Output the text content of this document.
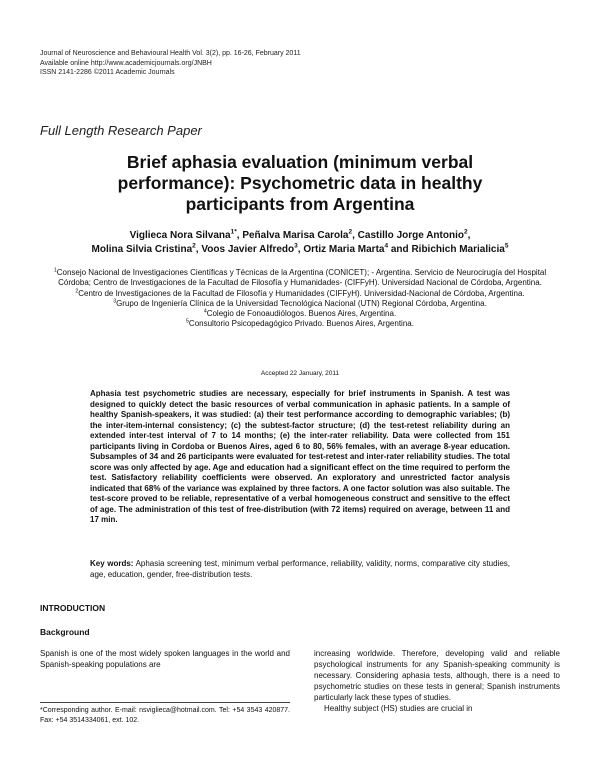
Journal of Neuroscience and Behavioural Health Vol. 3(2), pp. 16-26, February 2011
Available online http://www.academicjournals.org/JNBH
ISSN 2141-2286 ©2011 Academic Journals
Full Length Research Paper
Brief aphasia evaluation (minimum verbal performance): Psychometric data in healthy participants from Argentina
Viglieca Nora Silvana$^{1*}$, Peñalva Marisa Carola$^2$, Castillo Jorge Antonio$^2$,
Molina Silvia Cristina$^2$, Voos Javier Alfredo$^3$, Ortiz Maria Marta$^4$ and Ribichich Marialicia$^5$
$^1$Consejo Nacional de Investigaciones Científicas y Técnicas de la Argentina (CONICET); - Argentina. Servicio de Neurocirugía del Hospital Córdoba; Centro de Investigaciones de la Facultad de Filosofía y Humanidades- (CIFFyH). Universidad Nacional de Córdoba, Argentina.
$^2$Centro de Investigaciones de la Facultad de Filosofía y Humanidades (CIFFyH). Universidad-Nacional de Córdoba, Argentina.
$^3$Grupo de Ingeniería Clínica de la Universidad Tecnológica Nacional (UTN) Regional Córdoba, Argentina.
$^4$Colegio de Fonoaudiólogos. Buenos Aires, Argentina.
$^5$Consultorio Psicopedagógico Privado. Buenos Aires, Argentina.
Accepted 22 January, 2011
Aphasia test psychometric studies are necessary, especially for brief instruments in Spanish. A test was designed to quickly detect the basic resources of verbal communication in aphasic patients. In a sample of healthy Spanish-speakers, it was studied: (a) their test performance according to demographic variables; (b) the inter-item-internal consistency; (c) the subtest-factor structure; (d) the test-retest reliability during an extended inter-test interval of 7 to 14 months; (e) the inter-rater reliability. Data were collected from 151 participants living in Cordoba or Buenos Aires, aged 6 to 80, 56% females, with an average 8-year education. Subsamples of 34 and 26 participants were evaluated for test-retest and inter-rater reliability studies. The total score was only affected by age. Age and education had a significant effect on the time required to perform the test. Satisfactory reliability coefficients were observed. An exploratory and unrestricted factor analysis indicated that 68% of the variance was explained by three factors. A one factor solution was also suitable. The test-score proved to be reliable, representative of a verbal homogeneous construct and sensitive to the effect of age. The administration of this test of free-distribution (with 72 items) required on average, between 11 and 17 min.
Key words: Aphasia screening test, minimum verbal performance, reliability, validity, norms, comparative city studies, age, education, gender, free-distribution tests.
INTRODUCTION
Background
Spanish is one of the most widely spoken languages in the world and Spanish-speaking populations are
*Corresponding author. E-mail: nsviglieca@hotmail.com. Tel: +54 3543 420877. Fax: +54 3514334061, ext. 102.

increasing worldwide. Therefore, developing valid and reliable psychological instruments for any Spanish-speaking community is necessary. Considering aphasia tests, although, there is a need to psychometric studies on these tests in general; Spanish instruments particularly lack these types of studies.

Healthy subject (HS) studies are crucial in
